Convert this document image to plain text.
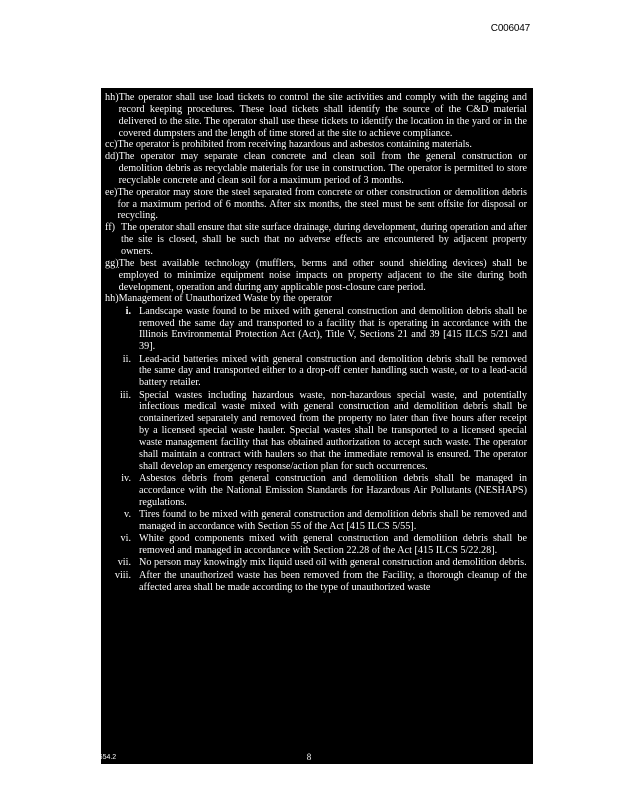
C006047
hh) The operator shall use load tickets to control the site activities and comply with the tagging and record keeping procedures. These load tickets shall identify the source of the C&D material delivered to the site. The operator shall use these tickets to identify the location in the yard or in the covered dumpsters and the length of time stored at the site to achieve compliance.
cc) The operator is prohibited from receiving hazardous and asbestos containing materials.
dd) The operator may separate clean concrete and clean soil from the general construction or demolition debris as recyclable materials for use in construction. The operator is permitted to store recyclable concrete and clean soil for a maximum period of 3 months.
ee) The operator may store the steel separated from concrete or other construction or demolition debris for a maximum period of 6 months. After six months, the steel must be sent offsite for disposal or recycling.
ff) The operator shall ensure that site surface drainage, during development, during operation and after the site is closed, shall be such that no adverse effects are encountered by adjacent property owners.
gg) The best available technology (mufflers, berms and other sound shielding devices) shall be employed to minimize equipment noise impacts on property adjacent to the site during both development, operation and during any applicable post-closure care period.
hh) Management of Unauthorized Waste by the operator
i. Landscape waste found to be mixed with general construction and demolition debris shall be removed the same day and transported to a facility that is operating in accordance with the Illinois Environmental Protection Act (Act), Title V, Sections 21 and 39 [415 ILCS 5/21 and 39].
ii. Lead-acid batteries mixed with general construction and demolition debris shall be removed the same day and transported either to a drop-off center handling such waste, or to a lead-acid battery retailer.
iii. Special wastes including hazardous waste, non-hazardous special waste, and potentially infectious medical waste mixed with general construction and demolition debris shall be containerized separately and removed from the property no later than five hours after receipt by a licensed special waste hauler. Special wastes shall be transported to a licensed special waste management facility that has obtained authorization to accept such waste. The operator shall maintain a contract with haulers so that the immediate removal is ensured. The operator shall develop an emergency response/action plan for such occurrences.
iv. Asbestos debris from general construction and demolition debris shall be managed in accordance with the National Emission Standards for Hazardous Air Pollutants (NESHAPS) regulations.
v. Tires found to be mixed with general construction and demolition debris shall be removed and managed in accordance with Section 55 of the Act [415 ILCS 5/55].
vi. White good components mixed with general construction and demolition debris shall be removed and managed in accordance with Section 22.28 of the Act [415 ILCS 5/22.28].
vii. No person may knowingly mix liquid used oil with general construction and demolition debris.
viii. After the unauthorized waste has been removed from the Facility, a thorough cleanup of the affected area shall be made according to the type of unauthorized waste
568654.2	8
